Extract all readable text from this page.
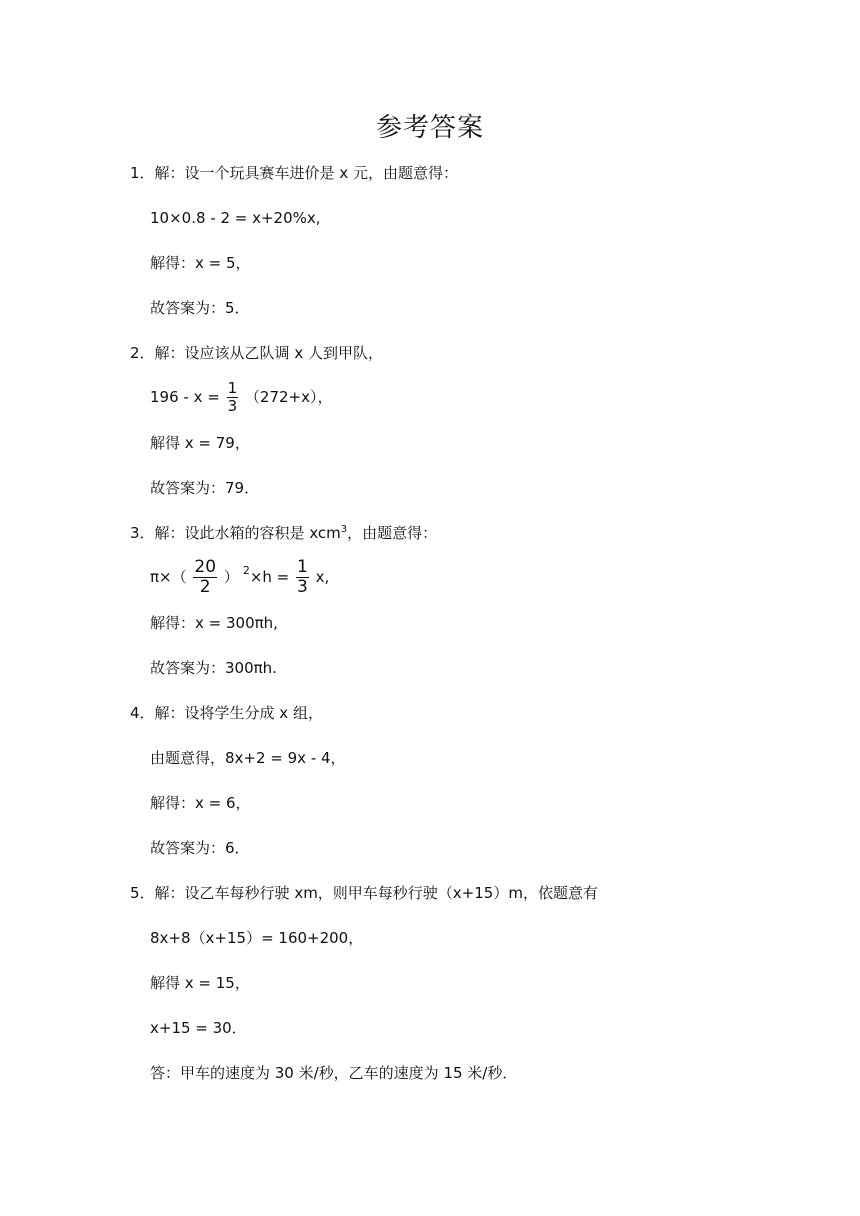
参考答案
1．解：设一个玩具赛车进价是 x 元，由题意得：
10×0.8 - 2 = x+20%x,
解得：x = 5，
故答案为：5．
2．解：设应该从乙队调 x 人到甲队，
$196 - x = \frac{1}{3} (272+x)$，
解得 x = 79，
故答案为：79．
3．解：设此水箱的容积是 xcm$^3$，由题意得：
$\pi\times( \frac{20}{2}$ ） $^2\times h = \frac{1}{3} x$,
解得：x = 300πh,
故答案为：300πh.
4．解：设将学生分成 x 组，
由题意得，8x+2 = 9x - 4，
解得：x = 6，
故答案为：6．
5．解：设乙车每秒行驶 xm，则甲车每秒行驶（x+15）m，依题意有
8x+8（x+15）= 160+200，
解得 x = 15，
x+15 = 30．
答：甲车的速度为 30 米/秒，乙车的速度为 15 米/秒．
